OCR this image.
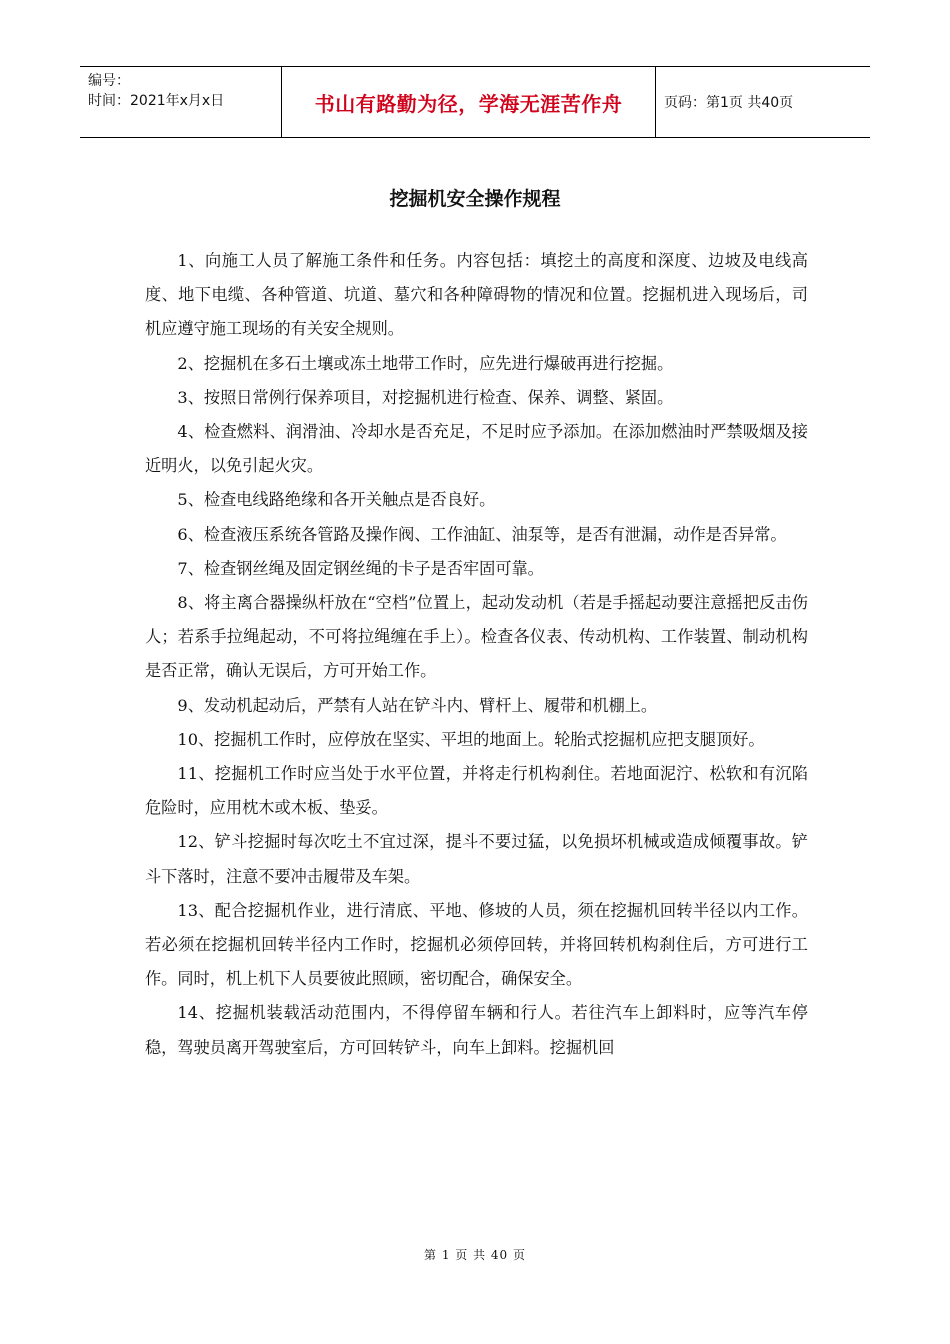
编号：
时间：2021年x月x日	书山有路勤为径，学海无涯苦作舟	页码：第1页 共40页
挖掘机安全操作规程

1、向施工人员了解施工条件和任务。内容包括：填挖土的高度和深度、边坡及电线高度、地下电缆、各种管道、坑道、墓穴和各种障碍物的情况和位置。挖掘机进入现场后，司机应遵守施工现场的有关安全规则。

2、挖掘机在多石土壤或冻土地带工作时，应先进行爆破再进行挖掘。

3、按照日常例行保养项目，对挖掘机进行检查、保养、调整、紧固。

4、检查燃料、润滑油、冷却水是否充足，不足时应予添加。在添加燃油时严禁吸烟及接近明火，以免引起火灾。

5、检查电线路绝缘和各开关触点是否良好。

6、检查液压系统各管路及操作阀、工作油缸、油泵等，是否有泄漏，动作是否异常。

7、检查钢丝绳及固定钢丝绳的卡子是否牢固可靠。

8、将主离合器操纵杆放在“空档”位置上，起动发动机（若是手摇起动要注意摇把反击伤人；若系手拉绳起动，不可将拉绳缠在手上）。检查各仪表、传动机构、工作装置、制动机构是否正常，确认无误后，方可开始工作。

9、发动机起动后，严禁有人站在铲斗内、臂杆上、履带和机棚上。

10、挖掘机工作时，应停放在坚实、平坦的地面上。轮胎式挖掘机应把支腿顶好。

11、挖掘机工作时应当处于水平位置，并将走行机构刹住。若地面泥泞、松软和有沉陷危险时，应用枕木或木板、垫妥。

12、铲斗挖掘时每次吃土不宜过深，提斗不要过猛，以免损坏机械或造成倾覆事故。铲斗下落时，注意不要冲击履带及车架。

13、配合挖掘机作业，进行清底、平地、修坡的人员，须在挖掘机回转半径以内工作。若必须在挖掘机回转半径内工作时，挖掘机必须停回转，并将回转机构刹住后，方可进行工作。同时，机上机下人员要彼此照顾，密切配合，确保安全。

14、挖掘机装载活动范围内，不得停留车辆和行人。若往汽车上卸料时，应等汽车停稳，驾驶员离开驾驶室后，方可回转铲斗，向车上卸料。挖掘机回

第 1 页 共 40 页
